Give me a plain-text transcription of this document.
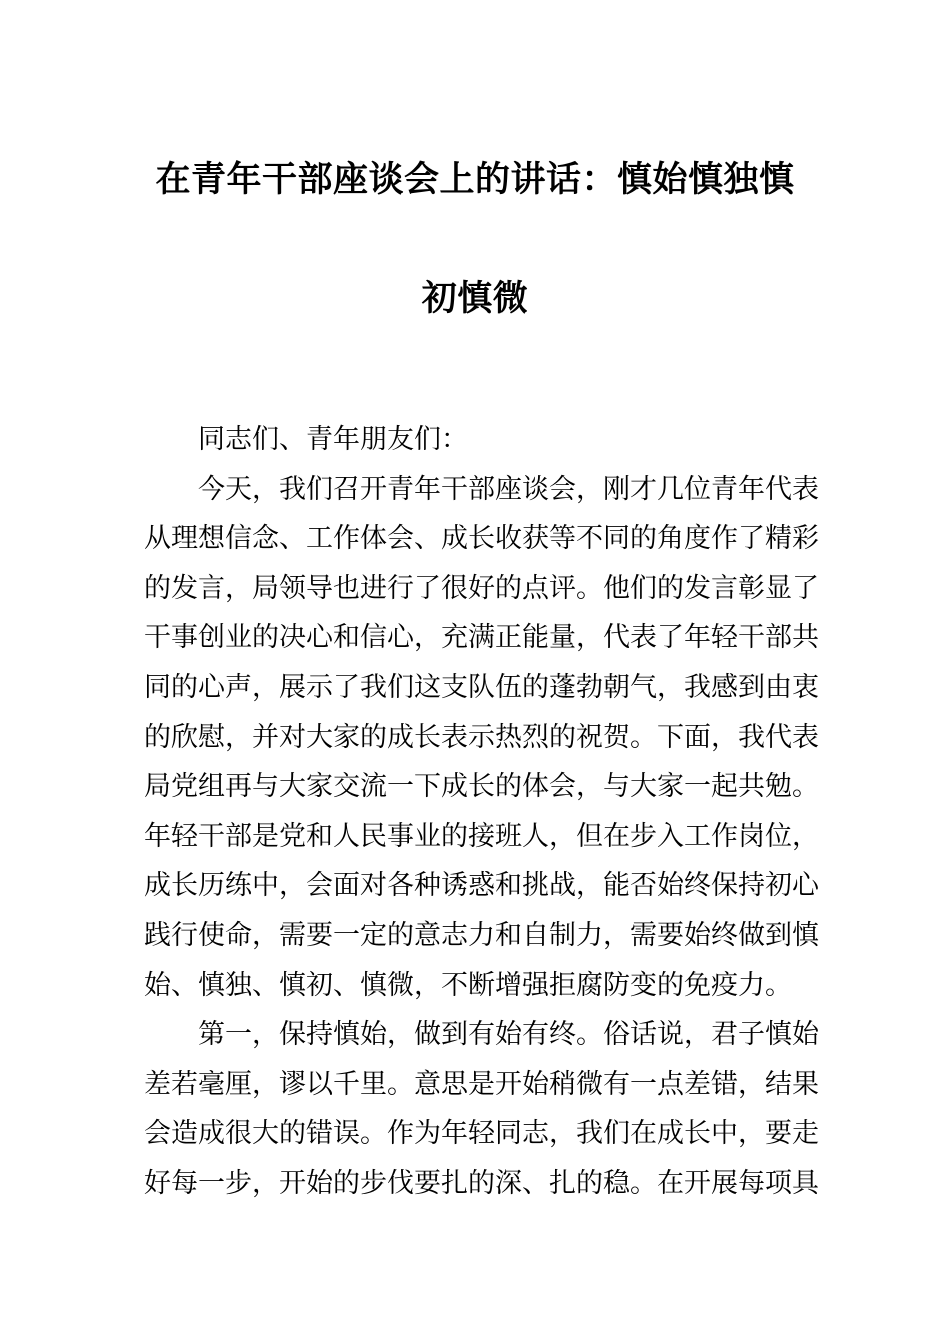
在青年干部座谈会上的讲话：慎始慎独慎
初慎微
同志们、青年朋友们：
今天，我们召开青年干部座谈会，刚才几位青年代表
从理想信念、工作体会、成长收获等不同的角度作了精彩
的发言，局领导也进行了很好的点评。他们的发言彰显了
干事创业的决心和信心，充满正能量，代表了年轻干部共
同的心声，展示了我们这支队伍的蓬勃朝气，我感到由衷
的欣慰，并对大家的成长表示热烈的祝贺。下面，我代表
局党组再与大家交流一下成长的体会，与大家一起共勉。
年轻干部是党和人民事业的接班人，但在步入工作岗位，
成长历练中，会面对各种诱惑和挑战，能否始终保持初心
践行使命，需要一定的意志力和自制力，需要始终做到慎
始、慎独、慎初、慎微，不断增强拒腐防变的免疫力。
第一，保持慎始，做到有始有终。俗话说，君子慎始
差若毫厘，谬以千里。意思是开始稍微有一点差错，结果
会造成很大的错误。作为年轻同志，我们在成长中，要走
好每一步，开始的步伐要扎的深、扎的稳。在开展每项具
